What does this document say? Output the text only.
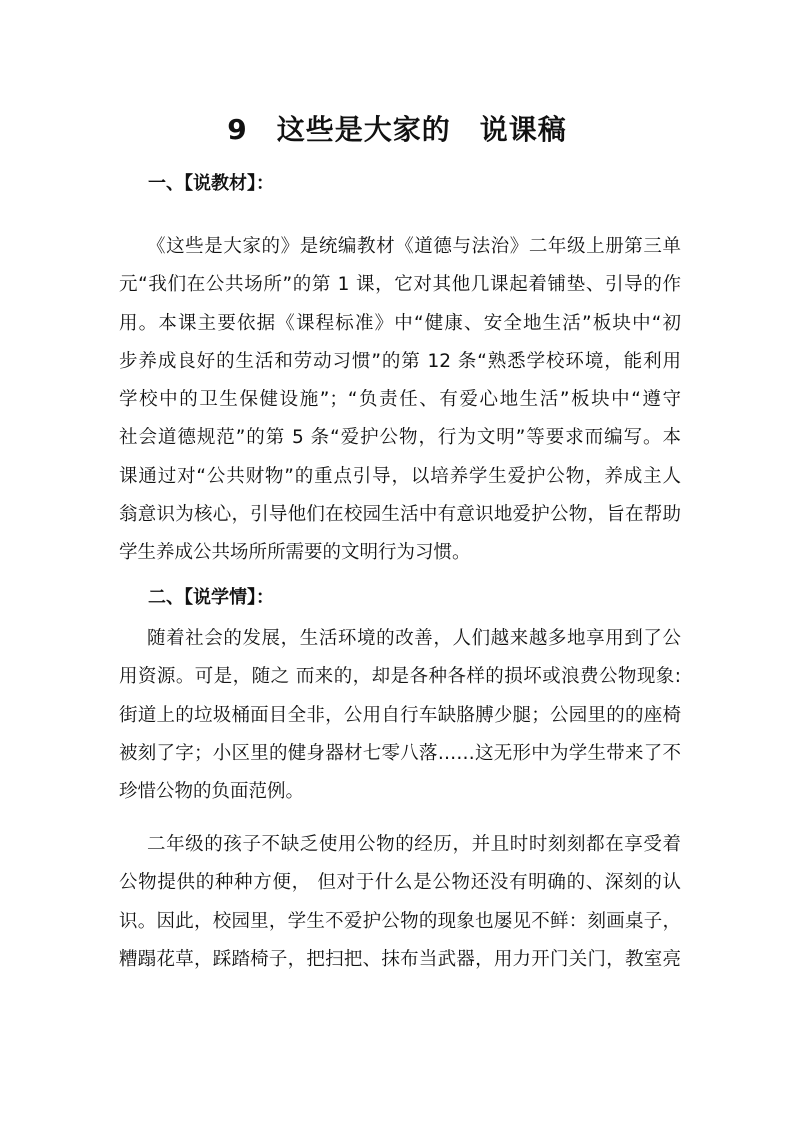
9　这些是大家的　说课稿
一、【说教材】：
《这些是大家的》是统编教材《道德与法治》二年级上册第三单
元“我们在公共场所”的第 1 课，它对其他几课起着铺垫、引导的作
用。本课主要依据《课程标准》中“健康、安全地生活”板块中“初
步养成良好的生活和劳动习惯”的第 12 条“熟悉学校环境，能利用
学校中的卫生保健设施”；“负责任、有爱心地生活”板块中“遵守
社会道德规范”的第 5 条“爱护公物，行为文明”等要求而编写。本
课通过对“公共财物”的重点引导，以培养学生爱护公物，养成主人
翁意识为核心，引导他们在校园生活中有意识地爱护公物，旨在帮助
学生养成公共场所所需要的文明行为习惯。
二、【说学情】：
随着社会的发展，生活环境的改善，人们越来越多地享用到了公
用资源。可是，随之 而来的，却是各种各样的损坏或浪费公物现象:
街道上的垃圾桶面目全非，公用自行车缺胳膊少腿；公园里的的座椅
被刻了字；小区里的健身器材七零八落……这无形中为学生带来了不
珍惜公物的负面范例。
二年级的孩子不缺乏使用公物的经历，并且时时刻刻都在享受着
公物提供的种种方便， 但对于什么是公物还没有明确的、深刻的认
识。因此，校园里，学生不爱护公物的现象也屡见不鲜：刻画桌子，
糟蹋花草，踩踏椅子，把扫把、抹布当武器，用力开门关门，教室亮
